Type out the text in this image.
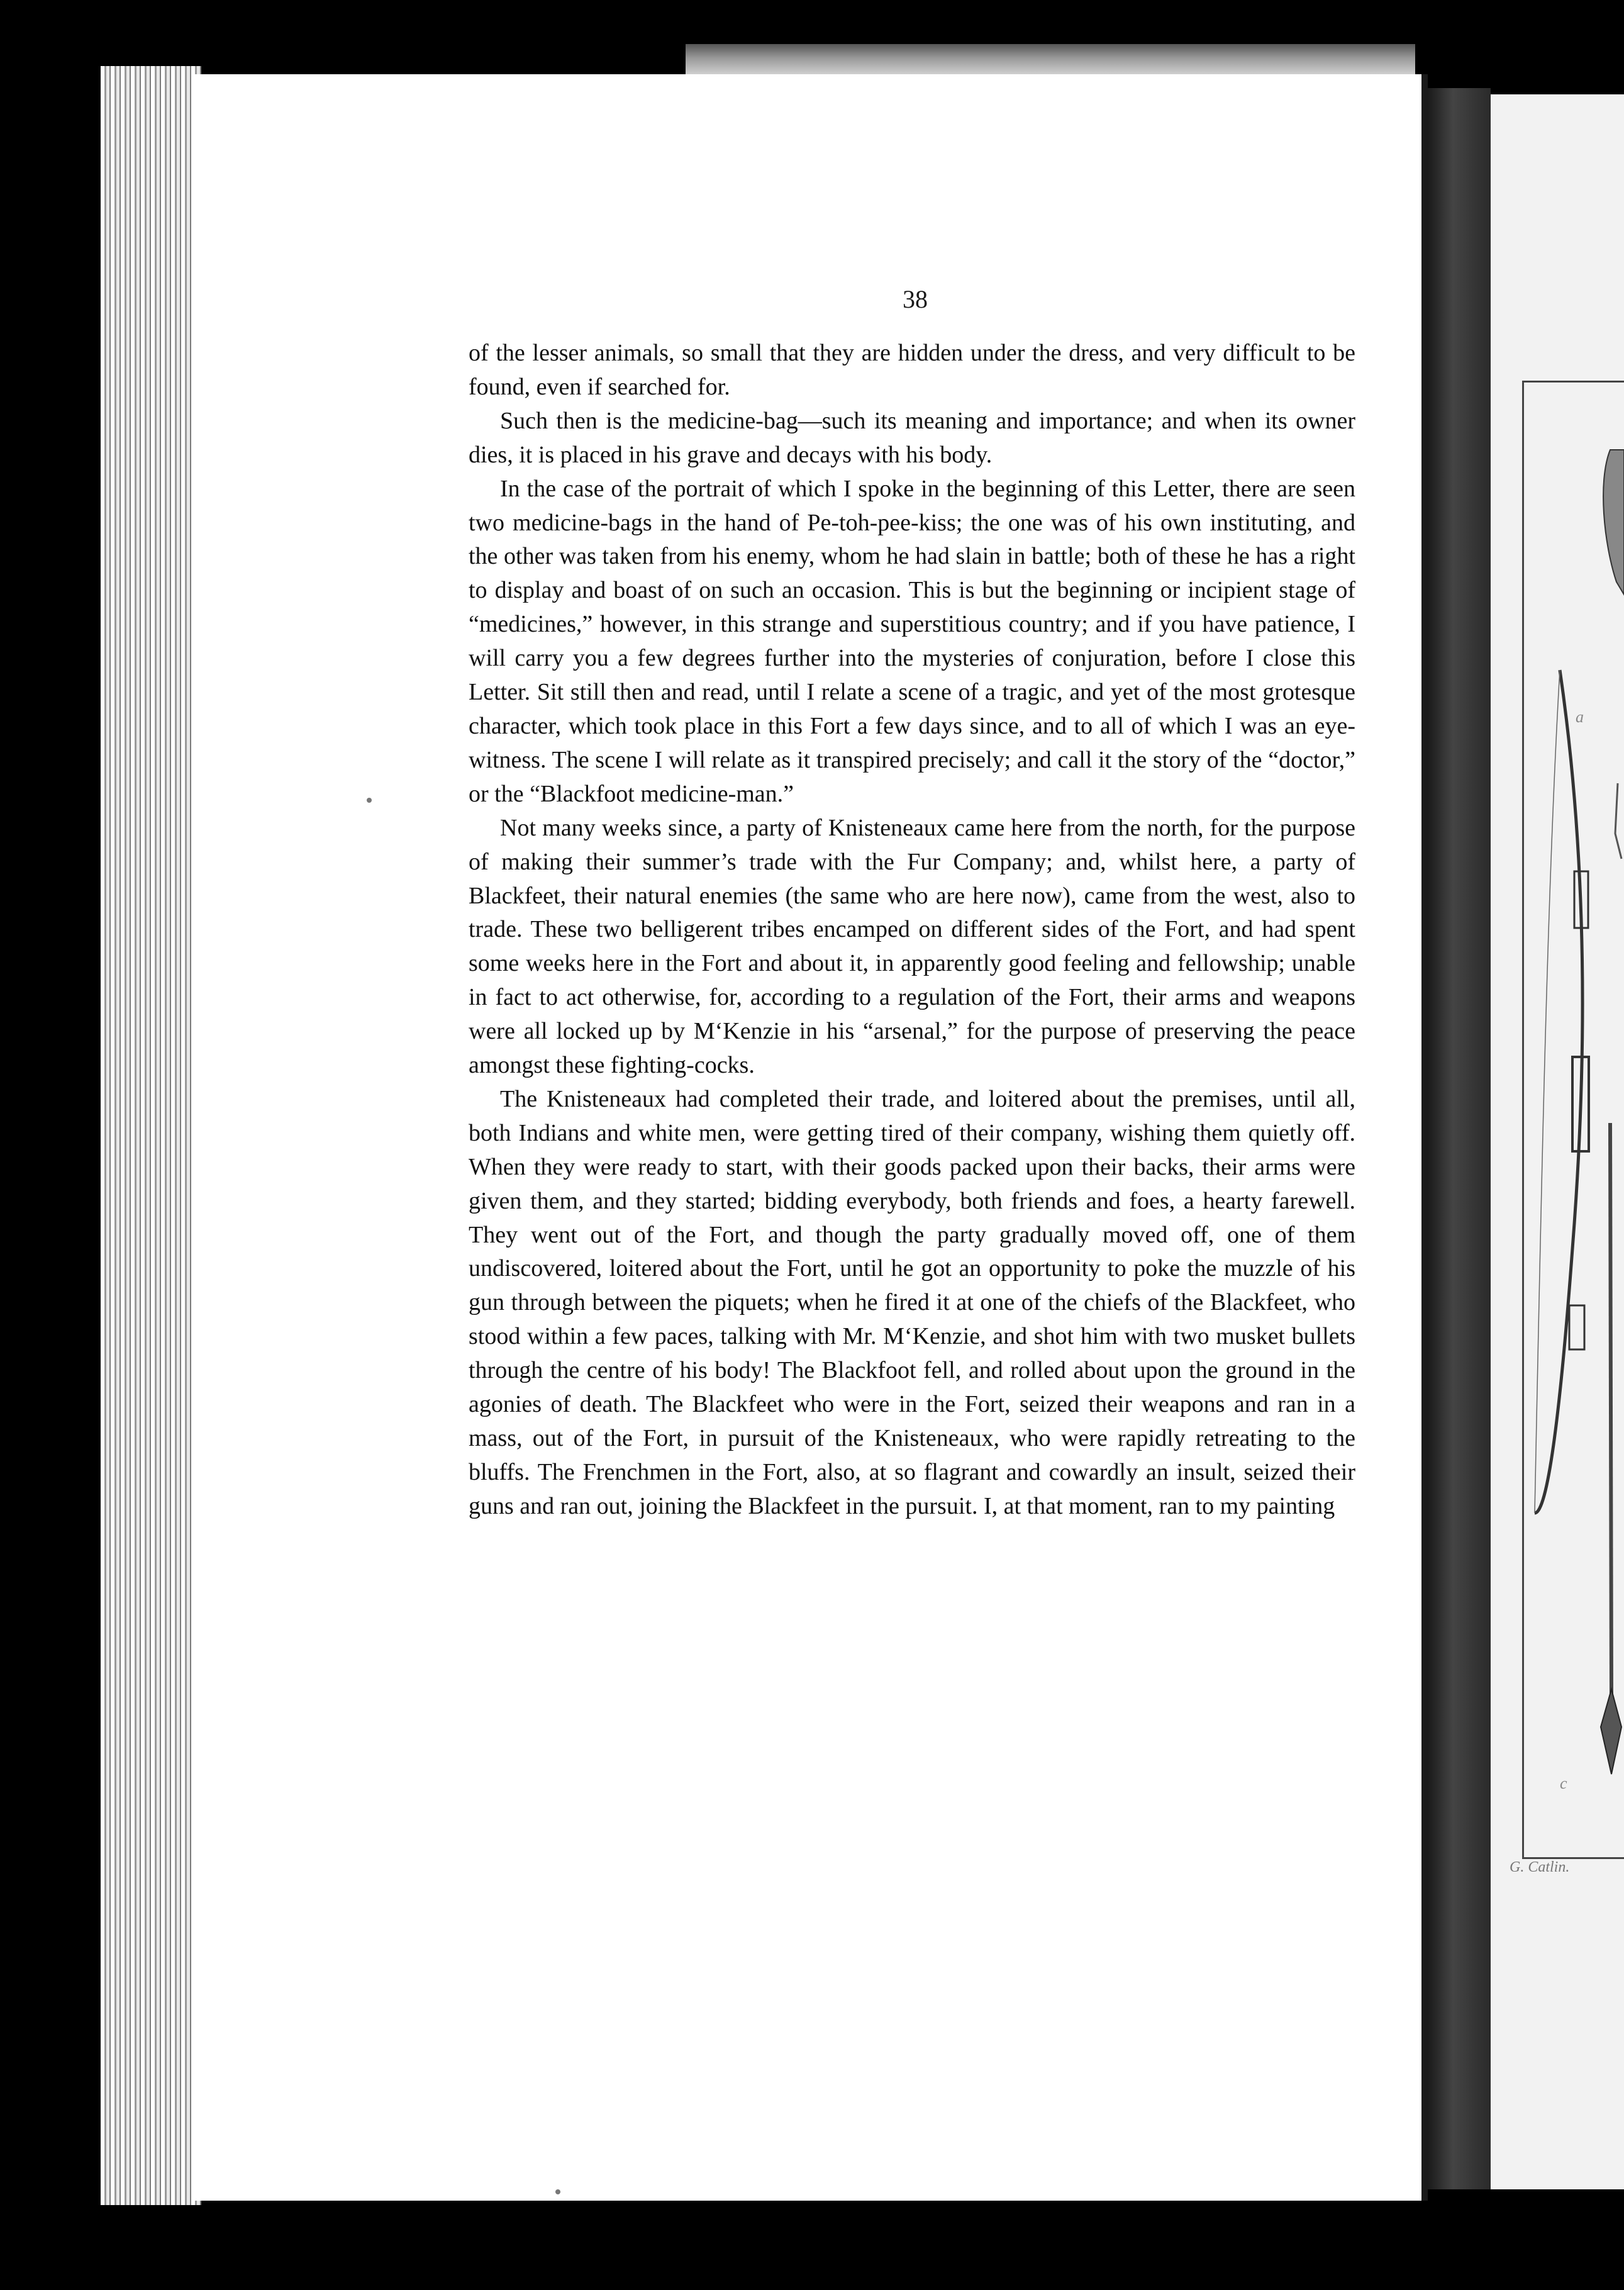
a
c
G. Catlin.
38

of the lesser animals, so small that they are hidden under the dress, and very difficult to be found, even if searched for.

Such then is the medicine-bag—such its meaning and importance; and when its owner dies, it is placed in his grave and decays with his body.

In the case of the portrait of which I spoke in the beginning of this Letter, there are seen two medicine-bags in the hand of Pe-toh-pee-kiss; the one was of his own instituting, and the other was taken from his enemy, whom he had slain in battle; both of these he has a right to display and boast of on such an occasion. This is but the beginning or incipient stage of “medicines,” however, in this strange and superstitious country; and if you have patience, I will carry you a few degrees further into the mysteries of conjuration, before I close this Letter. Sit still then and read, until I relate a scene of a tragic, and yet of the most grotesque character, which took place in this Fort a few days since, and to all of which I was an eye-witness. The scene I will relate as it transpired precisely; and call it the story of the “doctor,” or the “Blackfoot medicine-man.”

Not many weeks since, a party of Knisteneaux came here from the north, for the purpose of making their summer’s trade with the Fur Company; and, whilst here, a party of Blackfeet, their natural enemies (the same who are here now), came from the west, also to trade. These two belligerent tribes encamped on different sides of the Fort, and had spent some weeks here in the Fort and about it, in apparently good feeling and fellowship; unable in fact to act otherwise, for, according to a regulation of the Fort, their arms and weapons were all locked up by M‘Kenzie in his “arsenal,” for the purpose of preserving the peace amongst these fighting-cocks.

The Knisteneaux had completed their trade, and loitered about the premises, until all, both Indians and white men, were getting tired of their company, wishing them quietly off. When they were ready to start, with their goods packed upon their backs, their arms were given them, and they started; bidding everybody, both friends and foes, a hearty farewell. They went out of the Fort, and though the party gradually moved off, one of them undiscovered, loitered about the Fort, until he got an opportunity to poke the muzzle of his gun through between the piquets; when he fired it at one of the chiefs of the Blackfeet, who stood within a few paces, talking with Mr. M‘Kenzie, and shot him with two musket bullets through the centre of his body! The Blackfoot fell, and rolled about upon the ground in the agonies of death. The Blackfeet who were in the Fort, seized their weapons and ran in a mass, out of the Fort, in pursuit of the Knisteneaux, who were rapidly retreating to the bluffs. The Frenchmen in the Fort, also, at so flagrant and cowardly an insult, seized their guns and ran out, joining the Blackfeet in the pursuit. I, at that moment, ran to my painting
